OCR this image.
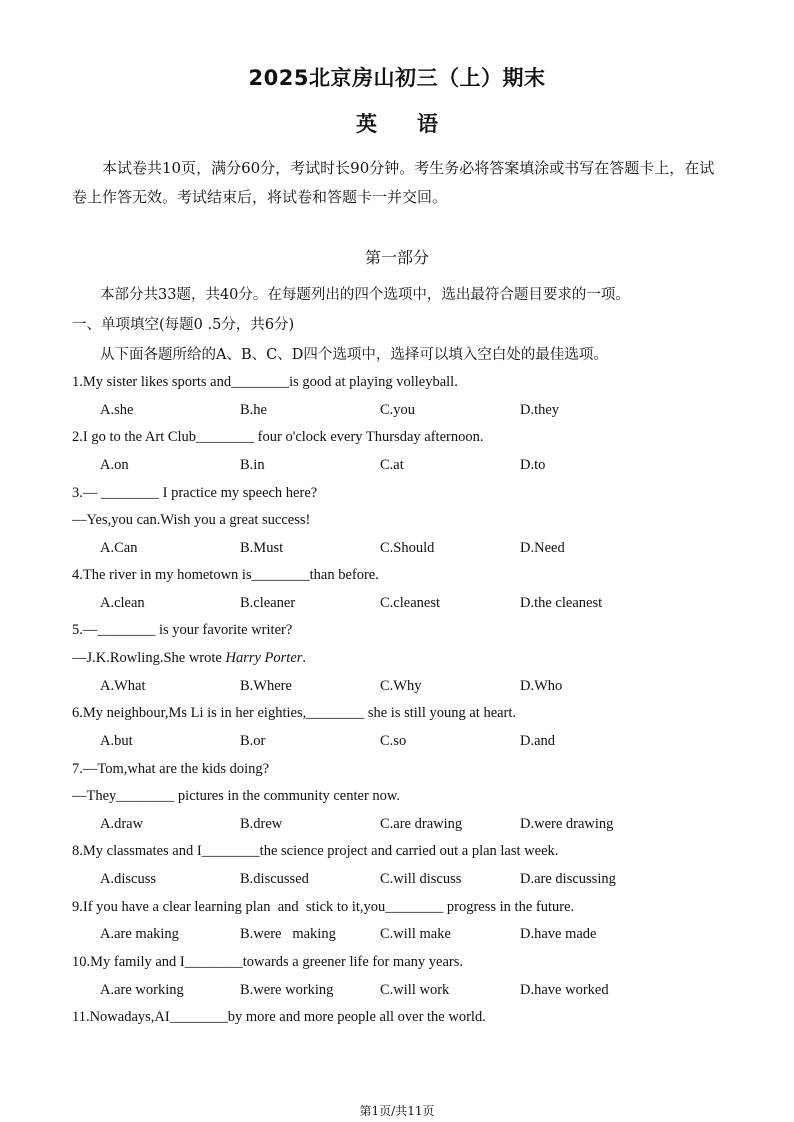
2025北京房山初三（上）期末
英语
本试卷共10页，满分60分，考试时长90分钟。考生务必将答案填涂或书写在答题卡上，在试卷上作答无效。考试结束后，将试卷和答题卡一并交回。
第一部分
本部分共33题，共40分。在每题列出的四个选项中，选出最符合题目要求的一项。
一、单项填空(每题0 .5分，共6分)
从下面各题所给的A、B、C、D四个选项中，选择可以填入空白处的最佳选项。
1.My sister likes sports and________is good at playing volleyball.
A.she	B.he	C.you	D.they
2.I go to the Art Club________ four o'clock every Thursday afternoon.
A.on	B.in	C.at	D.to
3.— ________ I practice my speech here?
—Yes,you can.Wish you a great success!
A.Can	B.Must	C.Should	D.Need
4.The river in my hometown is________than before.
A.clean	B.cleaner	C.cleanest	D.the cleanest
5.—________ is your favorite writer?
—J.K.Rowling.She wrote Harry Porter.
A.What	B.Where	C.Why	D.Who
6.My neighbour,Ms Li is in her eighties,________ she is still young at heart.
A.but	B.or	C.so	D.and
7.—Tom,what are the kids doing?
—They________ pictures in the community center now.
A.draw	B.drew	C.are drawing	D.were drawing
8.My classmates and I________the science project and carried out a plan last week.
A.discuss	B.discussed	C.will discuss	D.are discussing
9.If you have a clear learning plan  and  stick to it,you________ progress in the future.
A.are making	B.were   making	C.will make	D.have made
10.My family and I________towards a greener life for many years.
A.are working	B.were working	C.will work	D.have worked
11.Nowadays,AI________by more and more people all over the world.
第1页/共11页
